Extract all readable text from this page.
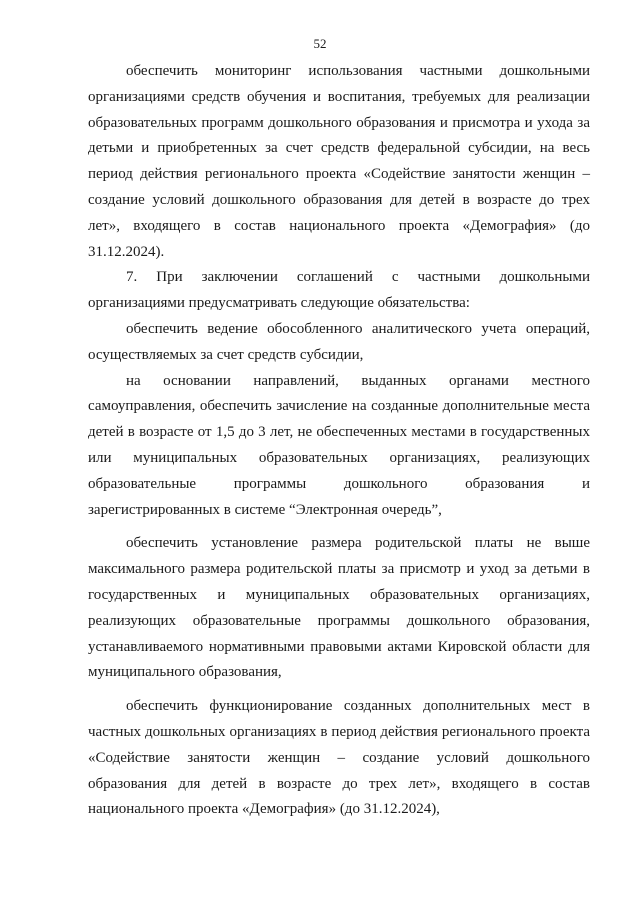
52

обеспечить мониторинг использования частными дошкольными организациями средств обучения и воспитания, требуемых для реализации образовательных программ дошкольного образования и присмотра и ухода за детьми и приобретенных за счет средств федеральной субсидии, на весь период действия регионального проекта «Содействие занятости женщин – создание условий дошкольного образования для детей в возрасте до трех лет», входящего в состав национального проекта «Демография» (до 31.12.2024).

7. При заключении соглашений с частными дошкольными организациями предусматривать следующие обязательства:

обеспечить ведение обособленного аналитического учета операций, осуществляемых за счет средств субсидии,

на основании направлений, выданных органами местного самоуправления, обеспечить зачисление на созданные дополнительные места детей в возрасте от 1,5 до 3 лет, не обеспеченных местами в государственных или муниципальных образовательных организациях, реализующих образовательные программы дошкольного образования и зарегистрированных в системе “Электронная очередь”,

обеспечить установление размера родительской платы не выше максимального размера родительской платы за присмотр и уход за детьми в государственных и муниципальных образовательных организациях, реализующих образовательные программы дошкольного образования, устанавливаемого нормативными правовыми актами Кировской области для муниципального образования,

обеспечить функционирование созданных дополнительных мест в частных дошкольных организациях в период действия регионального проекта «Содействие занятости женщин – создание условий дошкольного образования для детей в возрасте до трех лет», входящего в состав национального проекта «Демография» (до 31.12.2024),
